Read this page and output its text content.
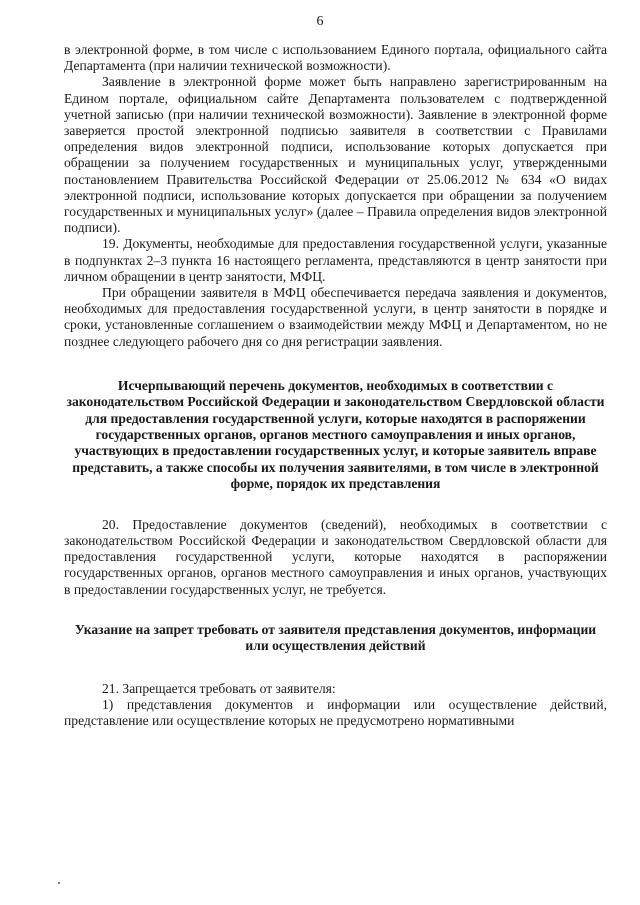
6

в электронной форме, в том числе с использованием Единого портала, официального сайта Департамента (при наличии технической возможности).

Заявление в электронной форме может быть направлено зарегистрированным на Едином портале, официальном сайте Департамента пользователем с подтвержденной учетной записью (при наличии технической возможности). Заявление в электронной форме заверяется простой электронной подписью заявителя в соответствии с Правилами определения видов электронной подписи, использование которых допускается при обращении за получением государственных и муниципальных услуг, утвержденными постановлением Правительства Российской Федерации от 25.06.2012 № 634 «О видах электронной подписи, использование которых допускается при обращении за получением государственных и муниципальных услуг» (далее – Правила определения видов электронной подписи).

19. Документы, необходимые для предоставления государственной услуги, указанные в подпунктах 2–3 пункта 16 настоящего регламента, представляются в центр занятости при личном обращении в центр занятости, МФЦ.

При обращении заявителя в МФЦ обеспечивается передача заявления и документов, необходимых для предоставления государственной услуги, в центр занятости в порядке и сроки, установленные соглашением о взаимодействии между МФЦ и Департаментом, но не позднее следующего рабочего дня со дня регистрации заявления.

Исчерпывающий перечень документов, необходимых в соответствии с законодательством Российской Федерации и законодательством Свердловской области для предоставления государственной услуги, которые находятся в распоряжении государственных органов, органов местного самоуправления и иных органов, участвующих в предоставлении государственных услуг, и которые заявитель вправе представить, а также способы их получения заявителями, в том числе в электронной форме, порядок их представления

20. Предоставление документов (сведений), необходимых в соответствии с законодательством Российской Федерации и законодательством Свердловской области для предоставления государственной услуги, которые находятся в распоряжении государственных органов, органов местного самоуправления и иных органов, участвующих в предоставлении государственных услуг, не требуется.

Указание на запрет требовать от заявителя представления документов, информации или осуществления действий

21. Запрещается требовать от заявителя:

1) представления документов и информации или осуществление действий, представление или осуществление которых не предусмотрено нормативными
